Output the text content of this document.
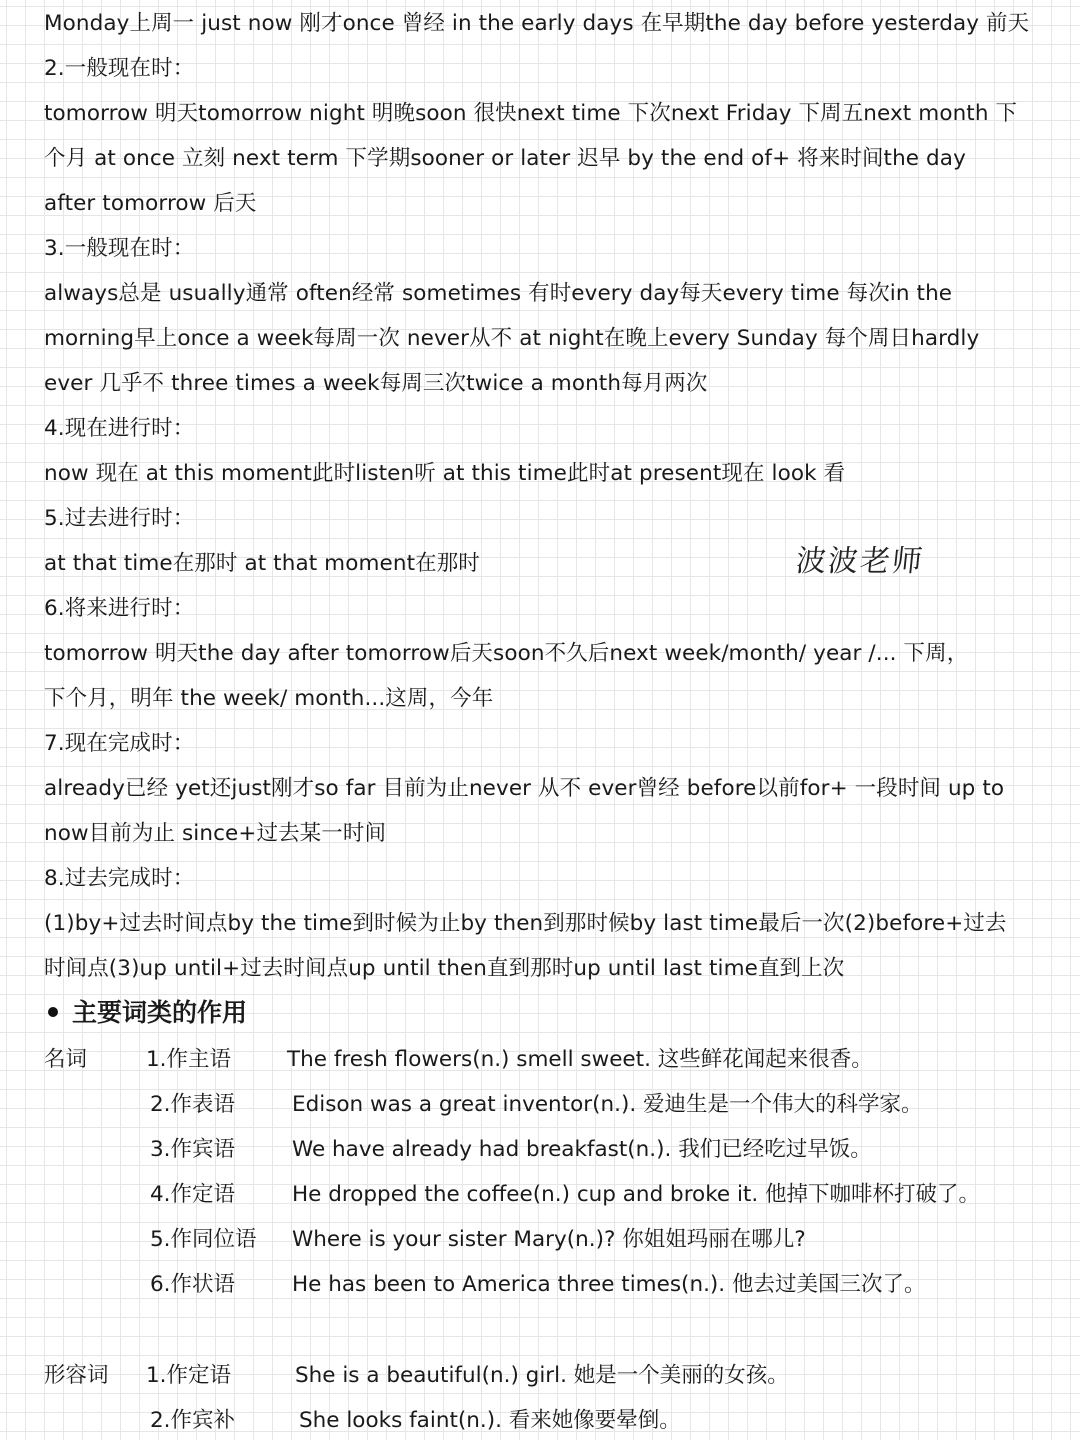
Monday上周一 just now 刚才once 曾经 in the early days 在早期the day before yesterday 前天
2.一般现在时：
tomorrow 明天tomorrow night 明晚soon 很快next time 下次next Friday 下周五next month 下
个月 at once 立刻 next term 下学期sooner or later 迟早 by the end of+ 将来时间the day
after tomorrow 后天
3.一般现在时：
always总是 usually通常 often经常 sometimes 有时every day每天every time 每次in the
morning早上once a week每周一次 never从不 at night在晚上every Sunday 每个周日hardly
ever 几乎不 three times a week每周三次twice a month每月两次
4.现在进行时：
now 现在 at this moment此时listen听 at this time此时at present现在 look 看
5.过去进行时：
at that time在那时 at that moment在那时
6.将来进行时：
tomorrow 明天the day after tomorrow后天soon不久后next week/month/ year /... 下周，
下个月，明年 the week/ month...这周，今年
7.现在完成时：
already已经 yet还just刚才so far 目前为止never 从不 ever曾经 before以前for+ 一段时间 up to
now目前为止 since+过去某一时间
8.过去完成时：
(1)by+过去时间点by the time到时候为止by then到那时候by last time最后一次(2)before+过去
时间点(3)up until+过去时间点up until then直到那时up until last time直到上次
波波老师
主要词类的作用
名词	1.作主语	The fresh flowers(n.) smell sweet. 这些鲜花闻起来很香。
2.作表语	Edison was a great inventor(n.). 爱迪生是一个伟大的科学家。
3.作宾语	We have already had breakfast(n.). 我们已经吃过早饭。
4.作定语	He dropped the coffee(n.) cup and broke it. 他掉下咖啡杯打破了。
5.作同位语 Where is your sister Mary(n.)? 你姐姐玛丽在哪儿?
6.作状语	He has been to America three times(n.). 他去过美国三次了。
形容词 1.作定语	She is a beautiful(n.) girl. 她是一个美丽的女孩。
2.作宾补	She looks faint(n.). 看来她像要晕倒。
